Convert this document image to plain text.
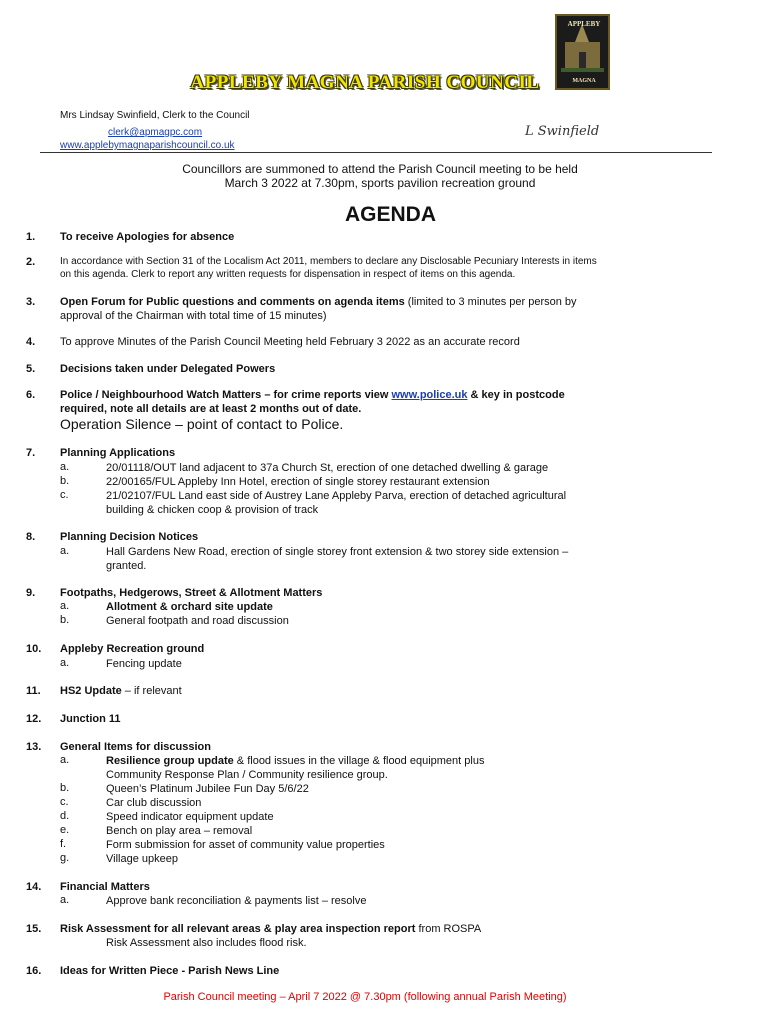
APPLEBY
MAGNA
APPLEBY MAGNA PARISH COUNCIL
Mrs Lindsay Swinfield, Clerk to the Council
clerk@apmagpc.com
www.applebymagnaparishcouncil.co.uk
L Swinfield
Councillors are summoned to attend the Parish Council meeting to be held
March 3 2022 at 7.30pm, sports pavilion recreation ground
AGENDA
1. To receive Apologies for absence
2. In accordance with Section 31 of the Localism Act 2011, members to declare any Disclosable Pecuniary Interests in items
on this agenda. Clerk to report any written requests for dispensation in respect of items on this agenda.
3. Open Forum for Public questions and comments on agenda items (limited to 3 minutes per person by
approval of the Chairman with total time of 15 minutes)
4. To approve Minutes of the Parish Council Meeting held February 3 2022 as an accurate record
5. Decisions taken under Delegated Powers
6. Police / Neighbourhood Watch Matters – for crime reports view www.police.uk & key in postcode
required, note all details are at least 2 months out of date.
Operation Silence – point of contact to Police.
7. Planning Applications
a.	20/01118/OUT land adjacent to 37a Church St, erection of one detached dwelling & garage
b.	22/00165/FUL Appleby Inn Hotel, erection of single storey restaurant extension
c.	21/02107/FUL Land east side of Austrey Lane Appleby Parva, erection of detached agricultural
building & chicken coop & provision of track
8. Planning Decision Notices
a.	Hall Gardens New Road, erection of single storey front extension & two storey side extension –
granted.
9. Footpaths, Hedgerows, Street & Allotment Matters
a.	Allotment & orchard site update
b.	General footpath and road discussion
10. Appleby Recreation ground
a.	Fencing update
11. HS2 Update – if relevant
12. Junction 11
13. General Items for discussion
a.	Resilience group update & flood issues in the village & flood equipment plus
Community Response Plan / Community resilience group.
b.	Queen’s Platinum Jubilee Fun Day 5/6/22
c.	Car club discussion
d.	Speed indicator equipment update
e.	Bench on play area – removal
f.	Form submission for asset of community value properties
g.	Village upkeep
14. Financial Matters
a.	Approve bank reconciliation & payments list – resolve
15. Risk Assessment for all relevant areas & play area inspection report from ROSPA
Risk Assessment also includes flood risk.
16. Ideas for Written Piece - Parish News Line
Parish Council meeting – April 7 2022 @ 7.30pm (following annual Parish Meeting)
